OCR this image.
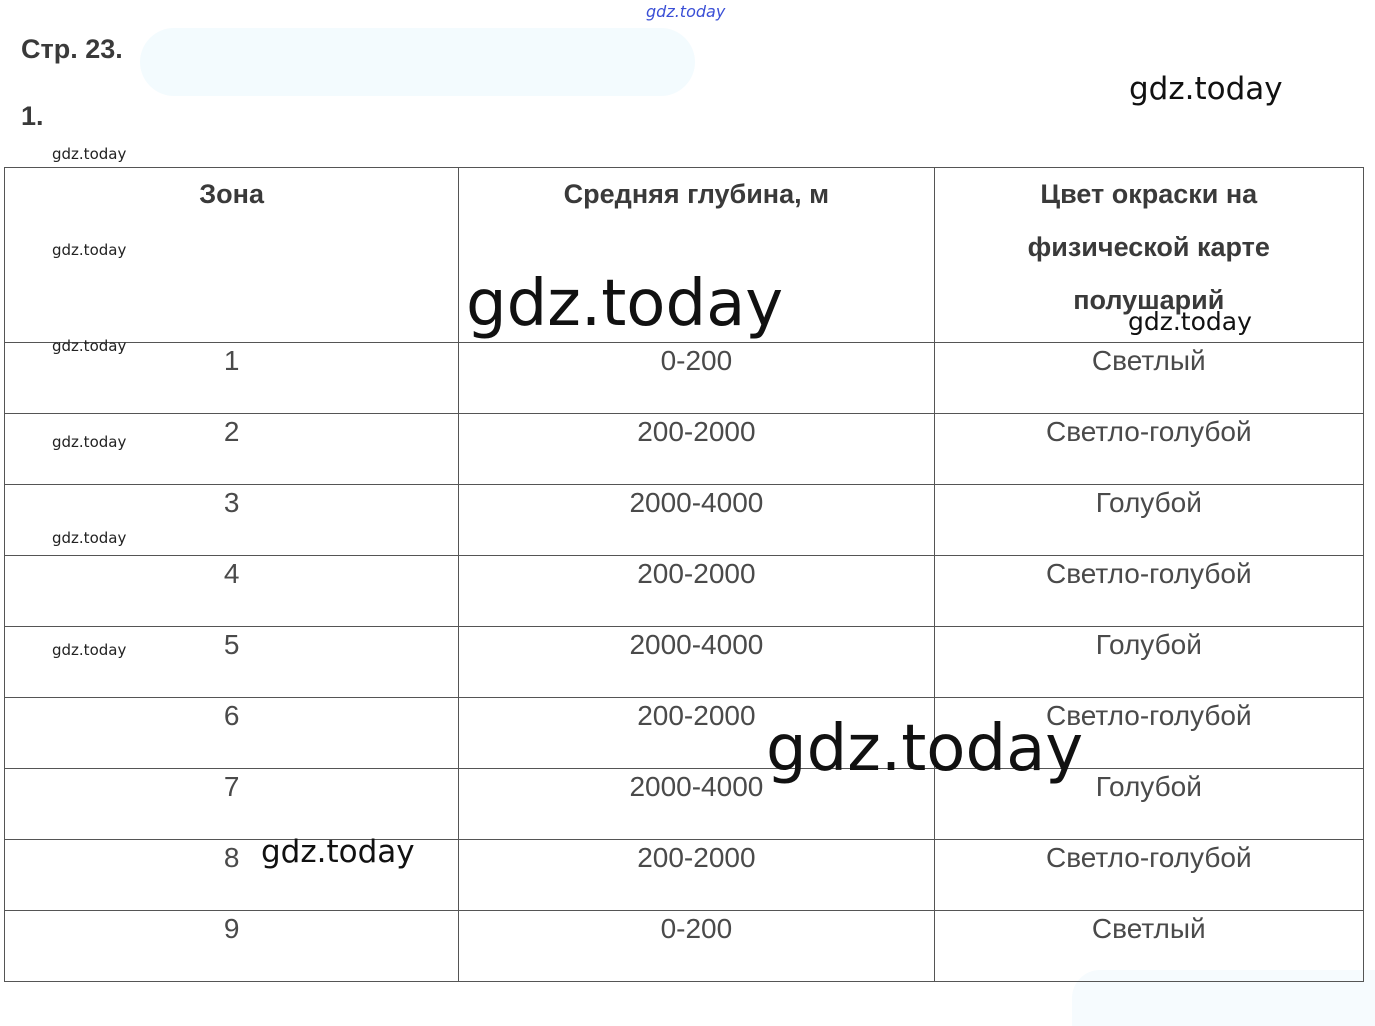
Стр. 23.
1.
Зона	Средняя глубина, м	Цвет окраски на физической карте полушарий

1	0-200	Светлый
2	200-2000	Светло-голубой
3	2000-4000	Голубой
4	200-2000	Светло-голубой
5	2000-4000	Голубой
6	200-2000	Светло-голубой
7	2000-4000	Голубой
8	200-2000	Светло-голубой
9	0-200	Светлый
gdz.today
gdz.today
gdz.today
gdz.today
gdz.today
gdz.today
gdz.today
gdz.today
gdz.today	gdz.today
gdz.today
gdz.today
